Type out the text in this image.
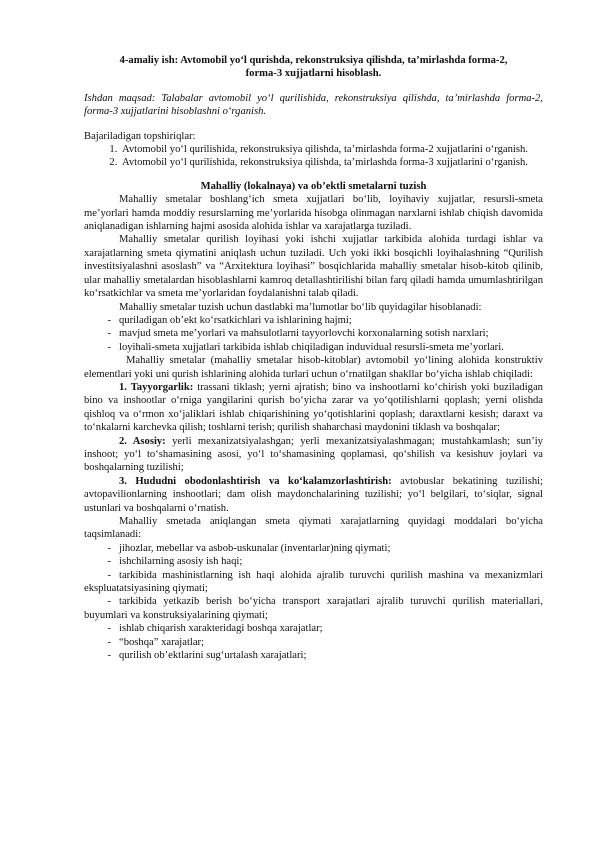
4-amaliy ish: Avtomobil yo‘l qurishda, rekonstruksiya qilishda, ta’mirlashda forma-2,
forma-3 xujjatlarni hisoblash.

Ishdan maqsad: Talabalar avtomobil yo‘l qurilishida, rekonstruksiya qilishda, ta’mirlashda forma-2, forma-3 xujjatlarini hisoblashni o‘rganish.

Bajariladigan topshiriqlar:

1. Avtomobil yo‘l qurilishida, rekonstruksiya qilishda, ta’mirlashda forma-2 xujjatlarini o‘rganish.
2. Avtomobil yo‘l qurilishida, rekonstruksiya qilishda, ta’mirlashda forma-3 xujjatlarini o‘rganish.

Mahalliy (lokalnaya) va ob’ektli smetalarni tuzish

Mahalliy smetalar boshlang‘ich smeta xujjatlari bo‘lib, loyihaviy xujjatlar, resursli-smeta me’yorlari hamda moddiy resurslarning me’yorlarida hisobga olinmagan narxlarni ishlab chiqish davomida aniqlanadigan ishlarning hajmi asosida alohida ishlar va xarajatlarga tuziladi.

Mahalliy smetalar qurilish loyihasi yoki ishchi xujjatlar tarkibida alohida turdagi ishlar va xarajatlarning smeta qiymatini aniqlash uchun tuziladi. Uch yoki ikki bosqichli loyihalashning “Qurilish investitsiyalashni asoslash” va “Arxitektura loyihasi” bosqichlarida mahalliy smetalar hisob-kitob qilinib, ular mahalliy smetalardan hisoblashlarni kamroq detallashtirilishi bilan farq qiladi hamda umumlashtirilgan ko‘rsatkichlar va smeta me’yorlaridan foydalanishni talab qiladi.

Mahalliy smetalar tuzish uchun dastlabki ma’lumotlar bo‘lib quyidagilar hisoblanadi:

- quriladigan ob’ekt ko‘rsatkichlari va ishlarining hajmi;

- mavjud smeta me’yorlari va mahsulotlarni tayyorlovchi korxonalarning sotish narxlari;

- loyihali-smeta xujjatlari tarkibida ishlab chiqiladigan induvidual resursli-smeta me’yorlari.

Mahalliy smetalar (mahalliy smetalar hisob-kitoblar) avtomobil yo‘lining alohida konstruktiv elementlari yoki uni qurish ishlarining alohida turlari uchun o‘rnatilgan shakllar bo‘yicha ishlab chiqiladi:

1. Tayyorgarlik: trassani tiklash; yerni ajratish; bino va inshootlarni ko‘chirish yoki buziladigan bino va inshootlar o‘rniga yangilarini qurish bo‘yicha zarar va yo‘qotilishlarni qoplash; yerni olishda qishloq va o‘rmon xo‘jaliklari ishlab chiqarishining yo‘qotishlarini qoplash; daraxtlarni kesish; daraxt va to‘nkalarni karchevka qilish; toshlarni terish; qurilish shaharchasi maydonini tiklash va boshqalar;

2. Asosiy: yerli mexanizatsiyalashgan; yerli mexanizatsiyalashmagan; mustahkamlash; sun’iy inshoot; yo‘l to‘shamasining asosi, yo‘l to‘shamasining qoplamasi, qo‘shilish va kesishuv joylari va boshqalarning tuzilishi;

3. Hududni obodonlashtirish va ko‘kalamzorlashtirish: avtobuslar bekatining tuzilishi; avtopavilionlarning inshootlari; dam olish maydonchalarining tuzilishi; yo‘l belgilari, to‘siqlar, signal ustunlari va boshqalarni o‘rnatish.

Mahalliy smetada aniqlangan smeta qiymati xarajatlarning quyidagi moddalari bo‘yicha taqsimlanadi:

- jihozlar, mebellar va asbob-uskunalar (inventarlar)ning qiymati;

- ishchilarning asosiy ish haqi;

- tarkibida mashinistlarning ish haqi alohida ajralib turuvchi qurilish mashina va mexanizmlari ekspluatatsiyasining qiymati;

- tarkibida yetkazib berish bo‘yicha transport xarajatlari ajralib turuvchi qurilish materiallari, buyumlari va konstruksiyalarining qiymati;

- ishlab chiqarish xarakteridagi boshqa xarajatlar;

- “boshqa” xarajatlar;

- qurilish ob’ektlarini sug‘urtalash xarajatlari;
